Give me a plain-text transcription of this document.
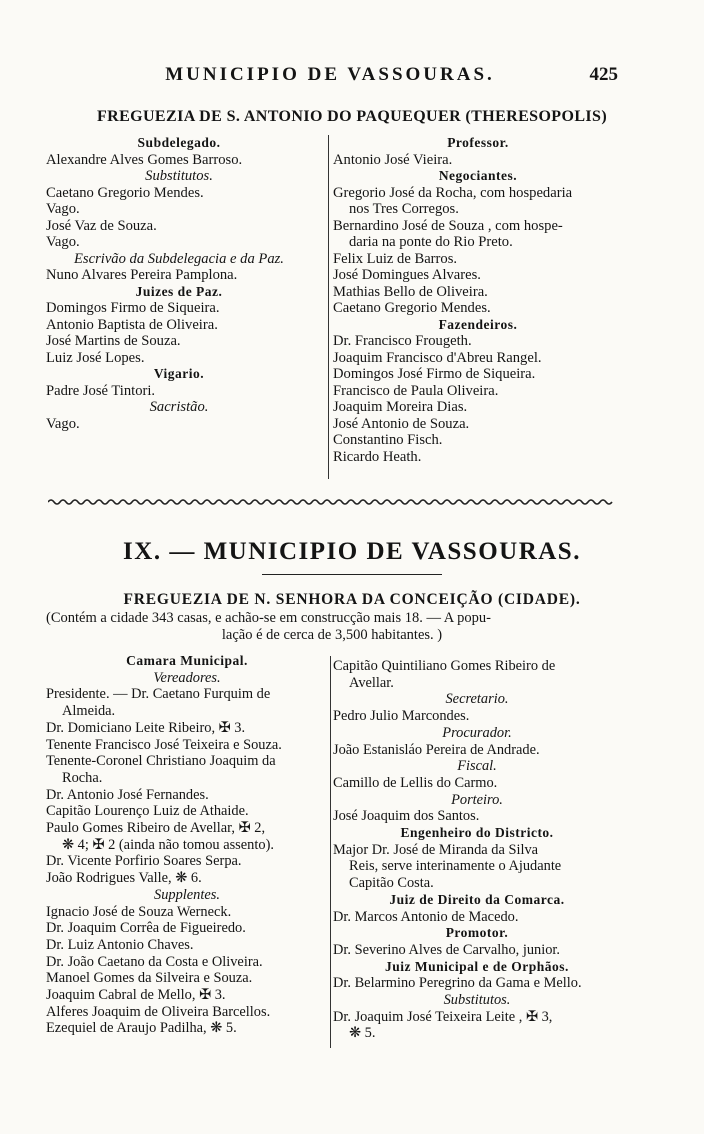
MUNICIPIO DE VASSOURAS.	425
FREGUEZIA DE S. ANTONIO DO PAQUEQUER (THERESOPOLIS)
Subdelegado.
Alexandre Alves Gomes Barroso.
Substitutos.
Caetano Gregorio Mendes.
Vago.
José Vaz de Souza.
Vago.
Escrivão da Subdelegacia e da Paz.
Nuno Alvares Pereira Pamplona.
Juizes de Paz.
Domingos Firmo de Siqueira.
Antonio Baptista de Oliveira.
José Martins de Souza.
Luiz José Lopes.
Vigario.
Padre José Tintori.
Sacristão.
Vago.
Professor.
Antonio José Vieira.
Negociantes.
Gregorio José da Rocha, com hospedaria
nos Tres Corregos.
Bernardino José de Souza , com hospe-
daria na ponte do Rio Preto.
Felix Luiz de Barros.
José Domingues Alvares.
Mathias Bello de Oliveira.
Caetano Gregorio Mendes.
Fazendeiros.
Dr. Francisco Frougeth.
Joaquim Francisco d'Abreu Rangel.
Domingos José Firmo de Siqueira.
Francisco de Paula Oliveira.
Joaquim Moreira Dias.
José Antonio de Souza.
Constantino Fisch.
Ricardo Heath.
IX. — MUNICIPIO DE VASSOURAS.
FREGUEZIA DE N. SENHORA DA CONCEIÇÃO (CIDADE).
(Contém a cidade 343 casas, e achão-se em construcção mais 18. — A popu-
lação é de cerca de 3,500 habitantes. )
Camara Municipal.
Vereadores.
Presidente. — Dr. Caetano Furquim de
Almeida.
Dr. Domiciano Leite Ribeiro, ✠ 3.
Tenente Francisco José Teixeira e Souza.
Tenente-Coronel Christiano Joaquim da
Rocha.
Dr. Antonio José Fernandes.
Capitão Lourenço Luiz de Athaide.
Paulo Gomes Ribeiro de Avellar, ✠ 2,
❋ 4; ✠ 2 (ainda não tomou assento).
Dr. Vicente Porfirio Soares Serpa.
João Rodrigues Valle, ❋ 6.
Supplentes.
Ignacio José de Souza Werneck.
Dr. Joaquim Corrêa de Figueiredo.
Dr. Luiz Antonio Chaves.
Dr. João Caetano da Costa e Oliveira.
Manoel Gomes da Silveira e Souza.
Joaquim Cabral de Mello, ✠ 3.
Alferes Joaquim de Oliveira Barcellos.
Ezequiel de Araujo Padilha, ❋ 5.
Capitão Quintiliano Gomes Ribeiro de
Avellar.
Secretario.
Pedro Julio Marcondes.
Procurador.
João Estanisláo Pereira de Andrade.
Fiscal.
Camillo de Lellis do Carmo.
Porteiro.
José Joaquim dos Santos.
Engenheiro do Districto.
Major Dr. José de Miranda da Silva
Reis, serve interinamente o Ajudante
Capitão Costa.
Juiz de Direito da Comarca.
Dr. Marcos Antonio de Macedo.
Promotor.
Dr. Severino Alves de Carvalho, junior.
Juiz Municipal e de Orphãos.
Dr. Belarmino Peregrino da Gama e Mello.
Substitutos.
Dr. Joaquim José Teixeira Leite , ✠ 3,
❋ 5.
